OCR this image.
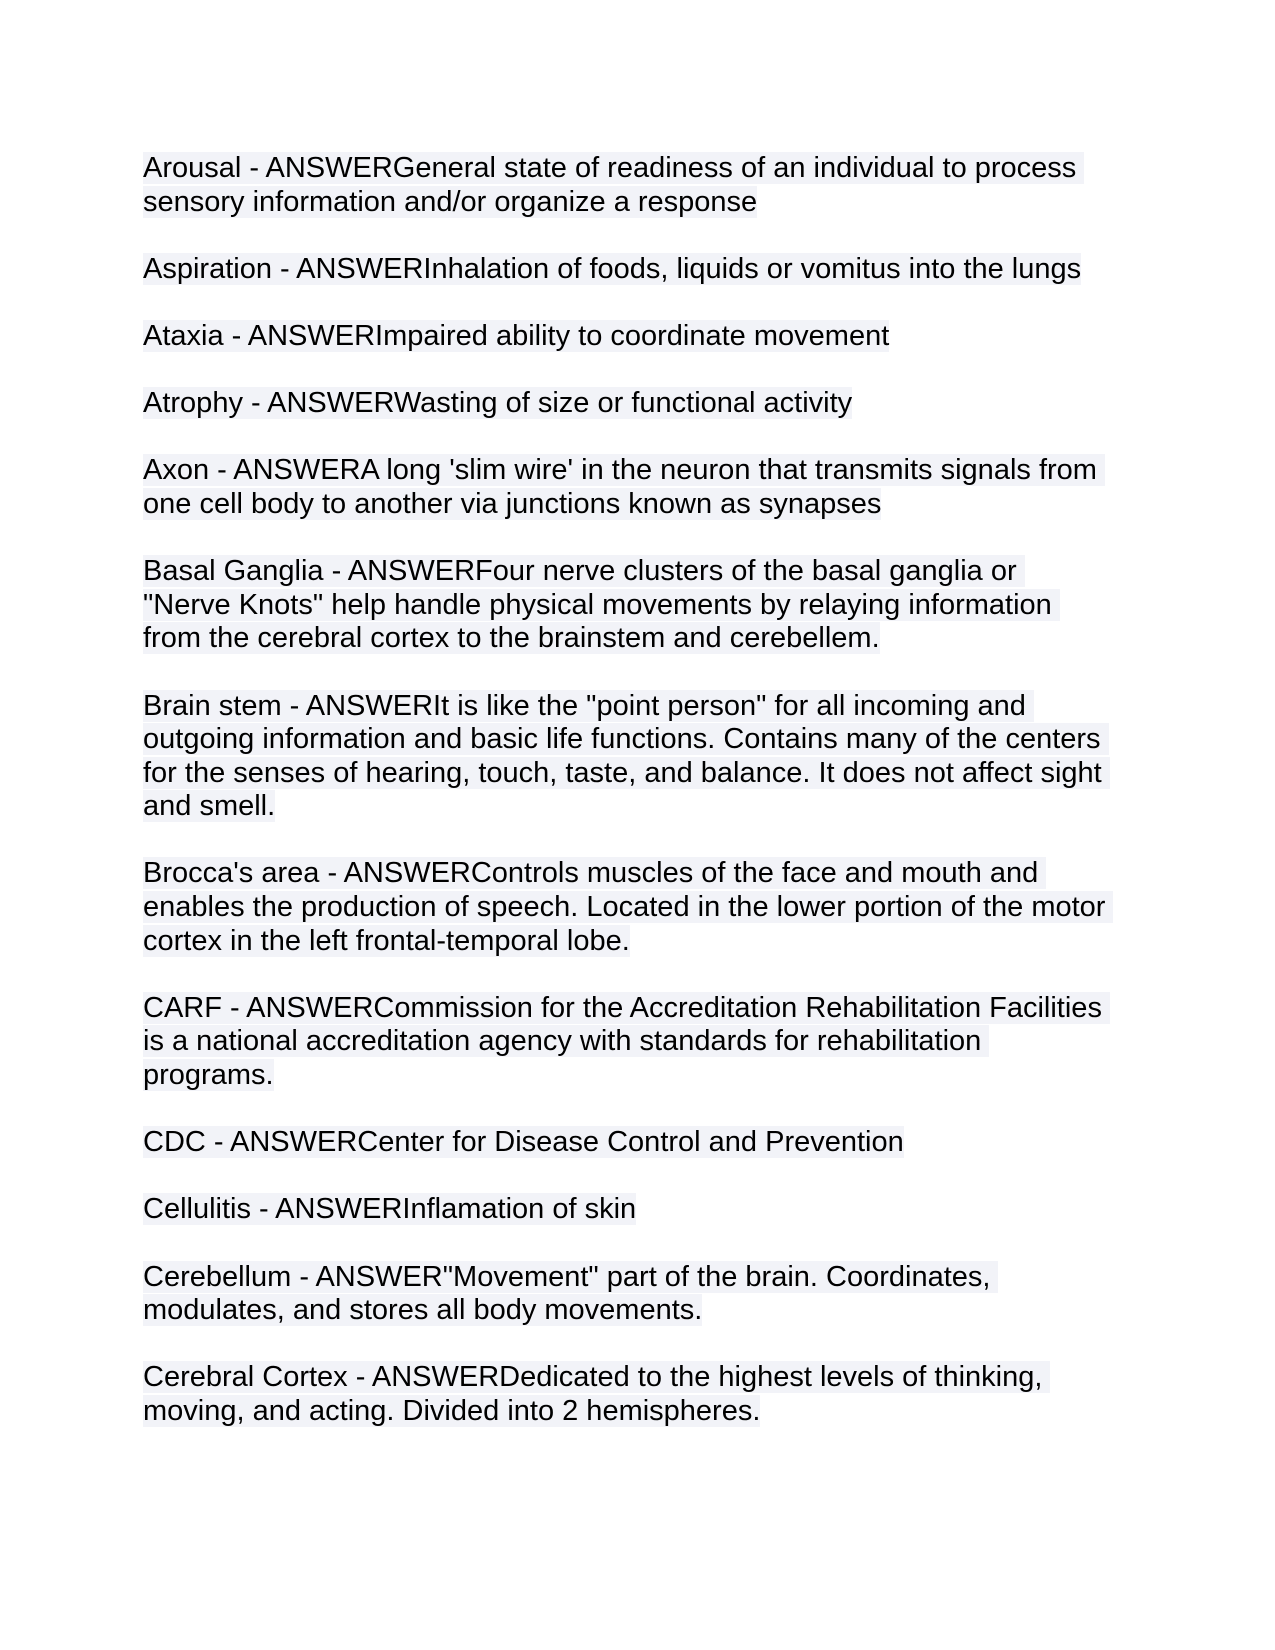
Arousal - ANSWERGeneral state of readiness of an individual to process
sensory information and/or organize a response
Aspiration - ANSWERInhalation of foods, liquids or vomitus into the lungs
Ataxia - ANSWERImpaired ability to coordinate movement
Atrophy - ANSWERWasting of size or functional activity
Axon - ANSWERA long 'slim wire' in the neuron that transmits signals from
one cell body to another via junctions known as synapses
Basal Ganglia - ANSWERFour nerve clusters of the basal ganglia or
"Nerve Knots" help handle physical movements by relaying information
from the cerebral cortex to the brainstem and cerebellem.
Brain stem - ANSWERIt is like the "point person" for all incoming and
outgoing information and basic life functions. Contains many of the centers
for the senses of hearing, touch, taste, and balance. It does not affect sight
and smell.
Brocca's area - ANSWERControls muscles of the face and mouth and
enables the production of speech. Located in the lower portion of the motor
cortex in the left frontal-temporal lobe.
CARF - ANSWERCommission for the Accreditation Rehabilitation Facilities
is a national accreditation agency with standards for rehabilitation
programs.
CDC - ANSWERCenter for Disease Control and Prevention
Cellulitis - ANSWERInflamation of skin
Cerebellum - ANSWER"Movement" part of the brain. Coordinates,
modulates, and stores all body movements.
Cerebral Cortex - ANSWERDedicated to the highest levels of thinking,
moving, and acting. Divided into 2 hemispheres.
